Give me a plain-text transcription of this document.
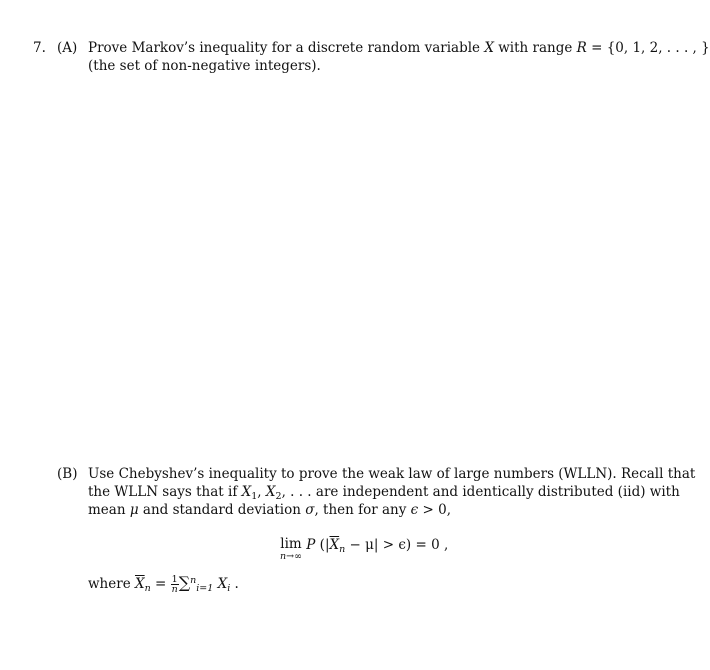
7. (A) Prove Markov’s inequality for a discrete random variable X with range R = {0, 1, 2, . . . , }
(the set of non-negative integers).
(B) Use Chebyshev’s inequality to prove the weak law of large numbers (WLLN). Recall that
the WLLN says that if $X_1$, $X_2$, . . . are independent and identically distributed (iid) with
mean μ and standard deviation σ, then for any ϵ > 0,
lim
n→∞
P $(|\overline{X}_n - \mu| > \epsilon) = 0$ ,
where $\overline{X}_n = \frac{1}{n} \sum^n_{i=1}$ $X_i$ .
